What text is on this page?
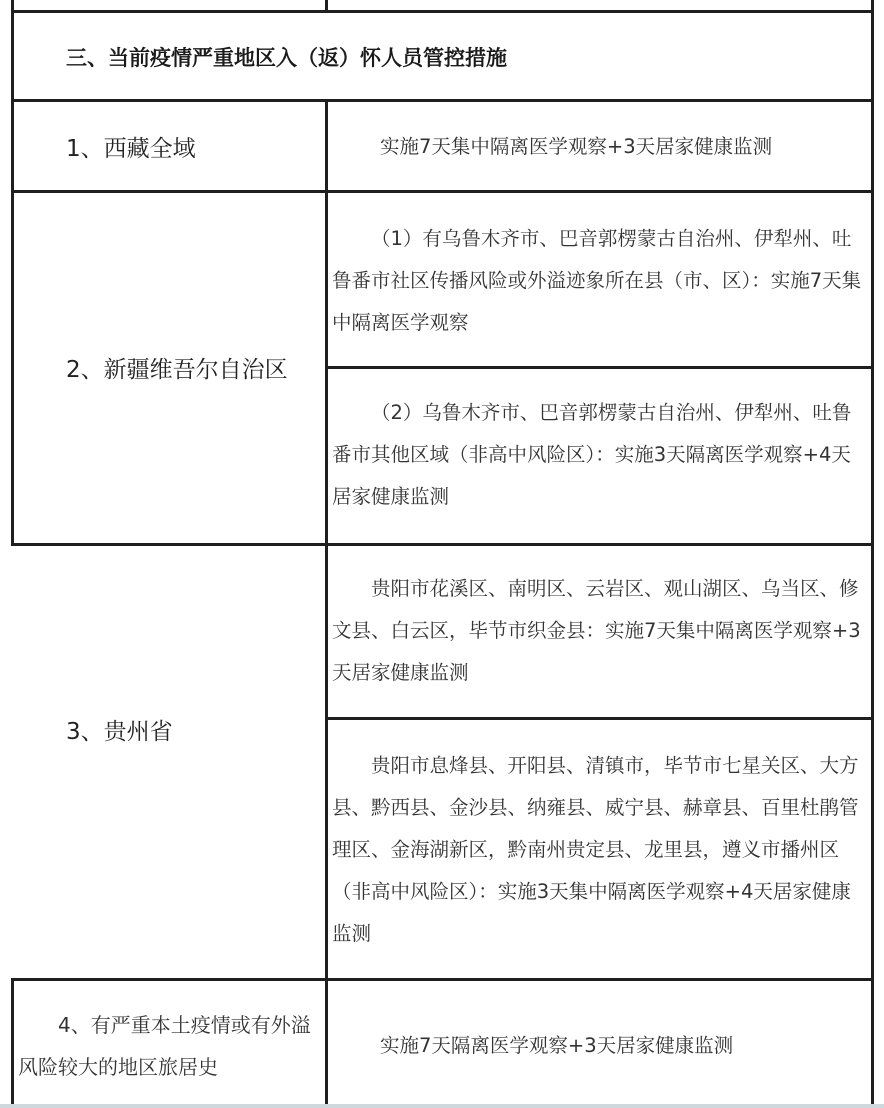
三、当前疫情严重地区入（返）怀人员管控措施
1、西藏全域	实施7天集中隔离医学观察+3天居家健康监测
2、新疆维吾尔自治区

（1）有乌鲁木齐市、巴音郭楞蒙古自治州、伊犁州、吐鲁番市社区传播风险或外溢迹象所在县（市、区）：实施7天集中隔离医学观察

（2）乌鲁木齐市、巴音郭楞蒙古自治州、伊犁州、吐鲁番市其他区域（非高中风险区）：实施3天隔离医学观察+4天居家健康监测

3、贵州省

贵阳市花溪区、南明区、云岩区、观山湖区、乌当区、修文县、白云区，毕节市织金县：实施7天集中隔离医学观察+3天居家健康监测

贵阳市息烽县、开阳县、清镇市，毕节市七星关区、大方县、黔西县、金沙县、纳雍县、威宁县、赫章县、百里杜鹃管理区、金海湖新区，黔南州贵定县、龙里县，遵义市播州区（非高中风险区）：实施3天集中隔离医学观察+4天居家健康监测

4、有严重本土疫情或有外溢风险较大的地区旅居史

实施7天隔离医学观察+3天居家健康监测
